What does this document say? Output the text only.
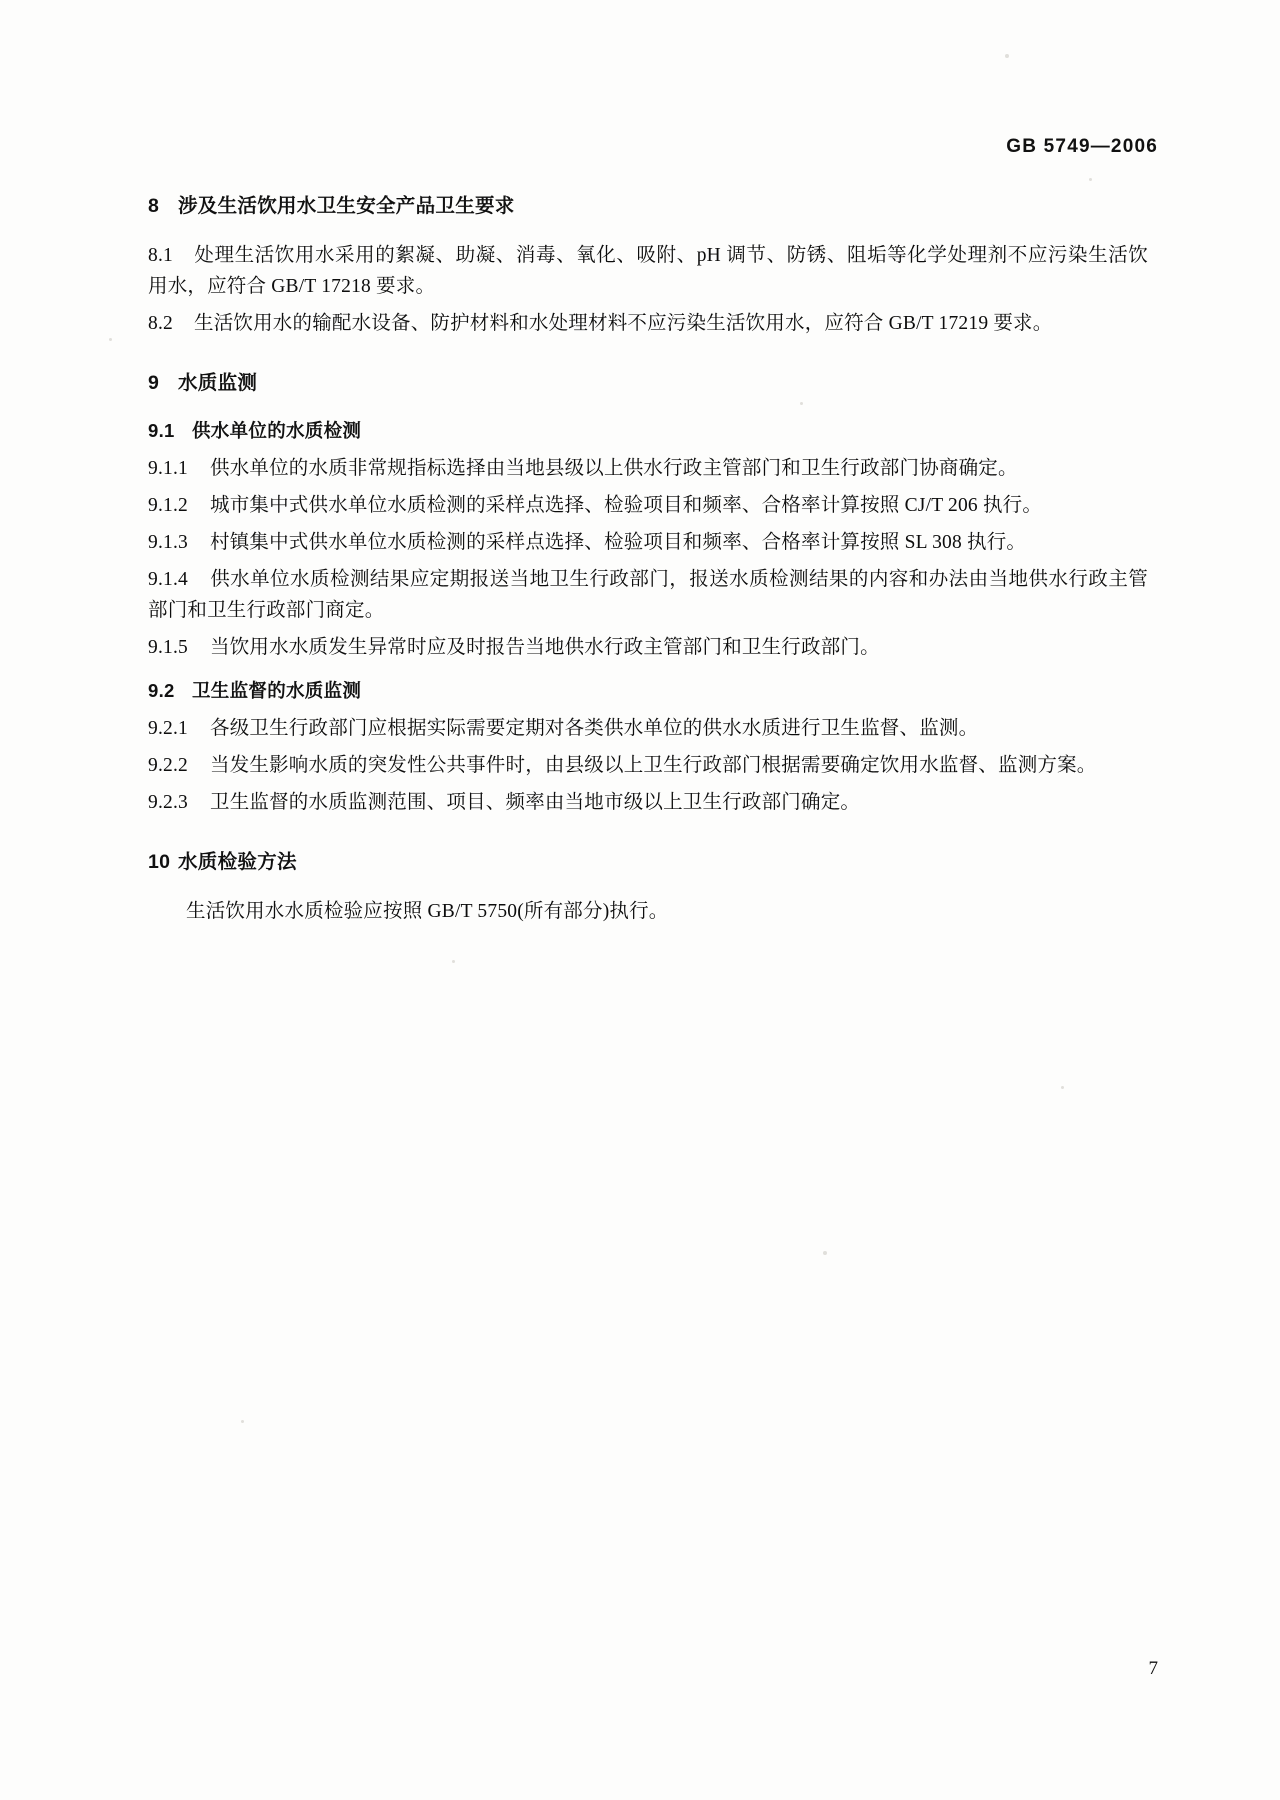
GB 5749—2006
8 涉及生活饮用水卫生安全产品卫生要求

8.1 处理生活饮用水采用的絮凝、助凝、消毒、氧化、吸附、pH 调节、防锈、阻垢等化学处理剂不应污染生活饮用水，应符合 GB/T 17218 要求。

8.2 生活饮用水的输配水设备、防护材料和水处理材料不应污染生活饮用水，应符合 GB/T 17219 要求。

9 水质监测
9.1 供水单位的水质检测

9.1.1 供水单位的水质非常规指标选择由当地县级以上供水行政主管部门和卫生行政部门协商确定。

9.1.2 城市集中式供水单位水质检测的采样点选择、检验项目和频率、合格率计算按照 CJ/T 206 执行。

9.1.3 村镇集中式供水单位水质检测的采样点选择、检验项目和频率、合格率计算按照 SL 308 执行。

9.1.4 供水单位水质检测结果应定期报送当地卫生行政部门，报送水质检测结果的内容和办法由当地供水行政主管部门和卫生行政部门商定。

9.1.5 当饮用水水质发生异常时应及时报告当地供水行政主管部门和卫生行政部门。

9.2 卫生监督的水质监测

9.2.1 各级卫生行政部门应根据实际需要定期对各类供水单位的供水水质进行卫生监督、监测。

9.2.2 当发生影响水质的突发性公共事件时，由县级以上卫生行政部门根据需要确定饮用水监督、监测方案。

9.2.3 卫生监督的水质监测范围、项目、频率由当地市级以上卫生行政部门确定。

10 水质检验方法

生活饮用水水质检验应按照 GB/T 5750(所有部分)执行。

7
